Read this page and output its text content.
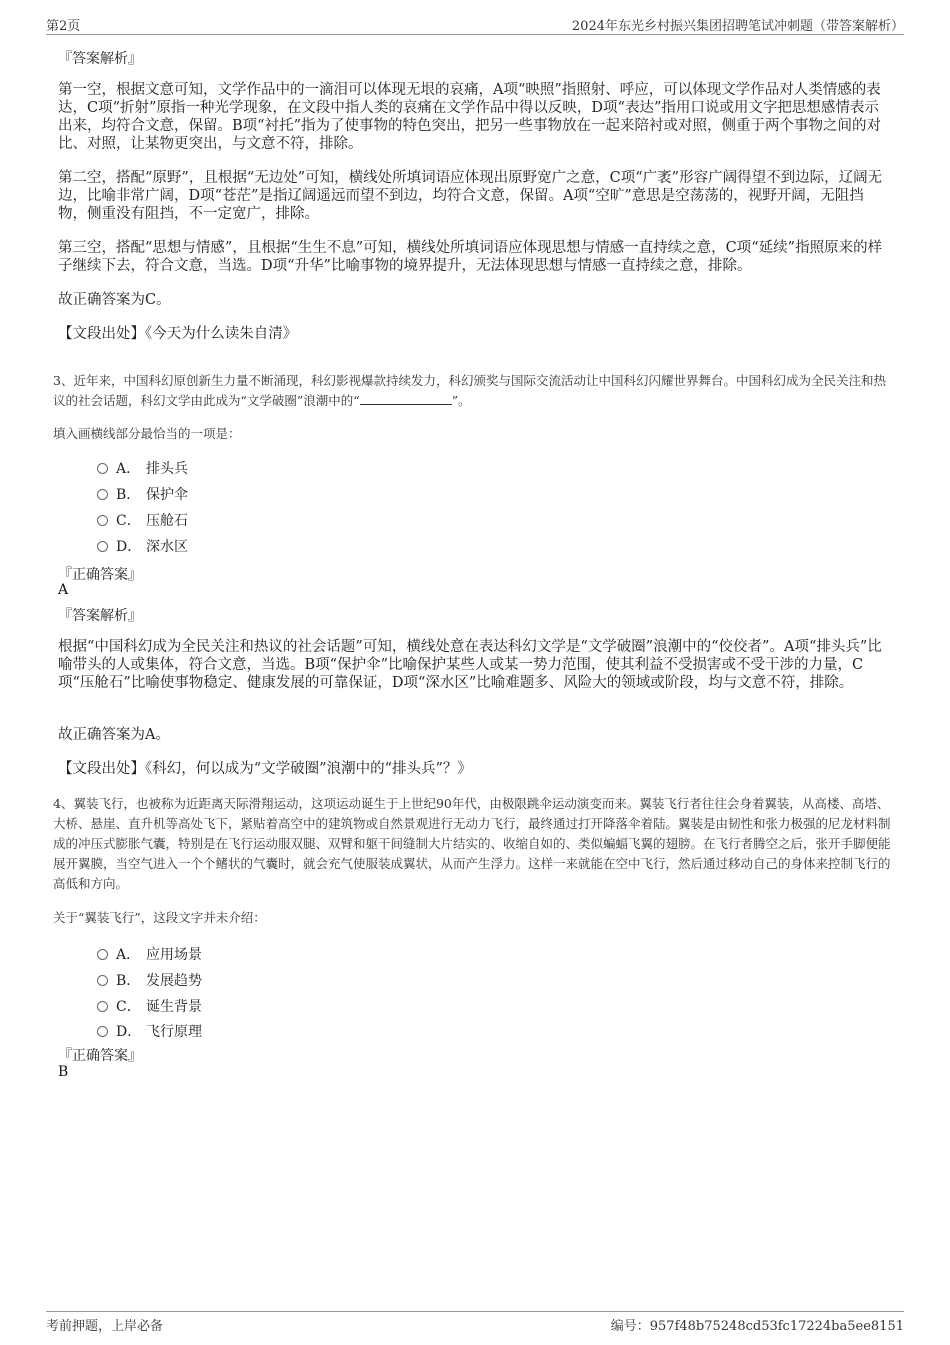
第2页	2024年东光乡村振兴集团招聘笔试冲刺题（带答案解析）
『答案解析』
第一空，根据文意可知，文学作品中的一滴泪可以体现无垠的哀痛，A项“映照”指照射、呼应，可以体现文学作品对人类情感的表达，C项“折射”原指一种光学现象，在文段中指人类的哀痛在文学作品中得以反映，D项“表达”指用口说或用文字把思想感情表示出来，均符合文意，保留。B项“衬托”指为了使事物的特色突出，把另一些事物放在一起来陪衬或对照，侧重于两个事物之间的对比、对照，让某物更突出，与文意不符，排除。
第二空，搭配“原野”，且根据“无边处”可知，横线处所填词语应体现出原野宽广之意，C项“广袤”形容广阔得望不到边际，辽阔无边，比喻非常广阔，D项“苍茫”是指辽阔遥远而望不到边，均符合文意，保留。A项“空旷”意思是空荡荡的，视野开阔，无阻挡物，侧重没有阻挡，不一定宽广，排除。
第三空，搭配“思想与情感”，且根据“生生不息”可知，横线处所填词语应体现思想与情感一直持续之意，C项“延续”指照原来的样子继续下去，符合文意，当选。D项“升华”比喻事物的境界提升，无法体现思想与情感一直持续之意，排除。
故正确答案为C。
【文段出处】《今天为什么读朱自清》
3、近年来，中国科幻原创新生力量不断涌现，科幻影视爆款持续发力，科幻颁奖与国际交流活动让中国科幻闪耀世界舞台。中国科幻成为全民关注和热议的社会话题，科幻文学由此成为“文学破圈”浪潮中的“	”。
填入画横线部分最恰当的一项是：
A． 排头兵
B． 保护伞
C． 压舱石
D． 深水区
『正确答案』
A
『答案解析』
根据“中国科幻成为全民关注和热议的社会话题”可知，横线处意在表达科幻文学是“文学破圈”浪潮中的“佼佼者”。A项“排头兵”比喻带头的人或集体，符合文意，当选。B项“保护伞”比喻保护某些人或某一势力范围，使其利益不受损害或不受干涉的力量，C项“压舱石”比喻使事物稳定、健康发展的可靠保证，D项“深水区”比喻难题多、风险大的领域或阶段，均与文意不符，排除。
故正确答案为A。
【文段出处】《科幻，何以成为“文学破圈”浪潮中的“排头兵”？》
4、翼装飞行，也被称为近距离天际滑翔运动，这项运动诞生于上世纪90年代，由极限跳伞运动演变而来。翼装飞行者往往会身着翼装，从高楼、高塔、大桥、悬崖、直升机等高处飞下，紧贴着高空中的建筑物或自然景观进行无动力飞行，最终通过打开降落伞着陆。翼装是由韧性和张力极强的尼龙材料制成的冲压式膨胀气囊，特别是在飞行运动服双腿、双臂和躯干间缝制大片结实的、收缩自如的、类似蝙蝠飞翼的翅膀。在飞行者腾空之后，张开手脚便能展开翼膜，当空气进入一个个鳍状的气囊时，就会充气使服装成翼状，从而产生浮力。这样一来就能在空中飞行，然后通过移动自己的身体来控制飞行的高低和方向。
关于“翼装飞行”，这段文字并未介绍：
A． 应用场景
B． 发展趋势
C． 诞生背景
D． 飞行原理
『正确答案』
B
考前押题，上岸必备	编号：957f48b75248cd53fc17224ba5ee8151
